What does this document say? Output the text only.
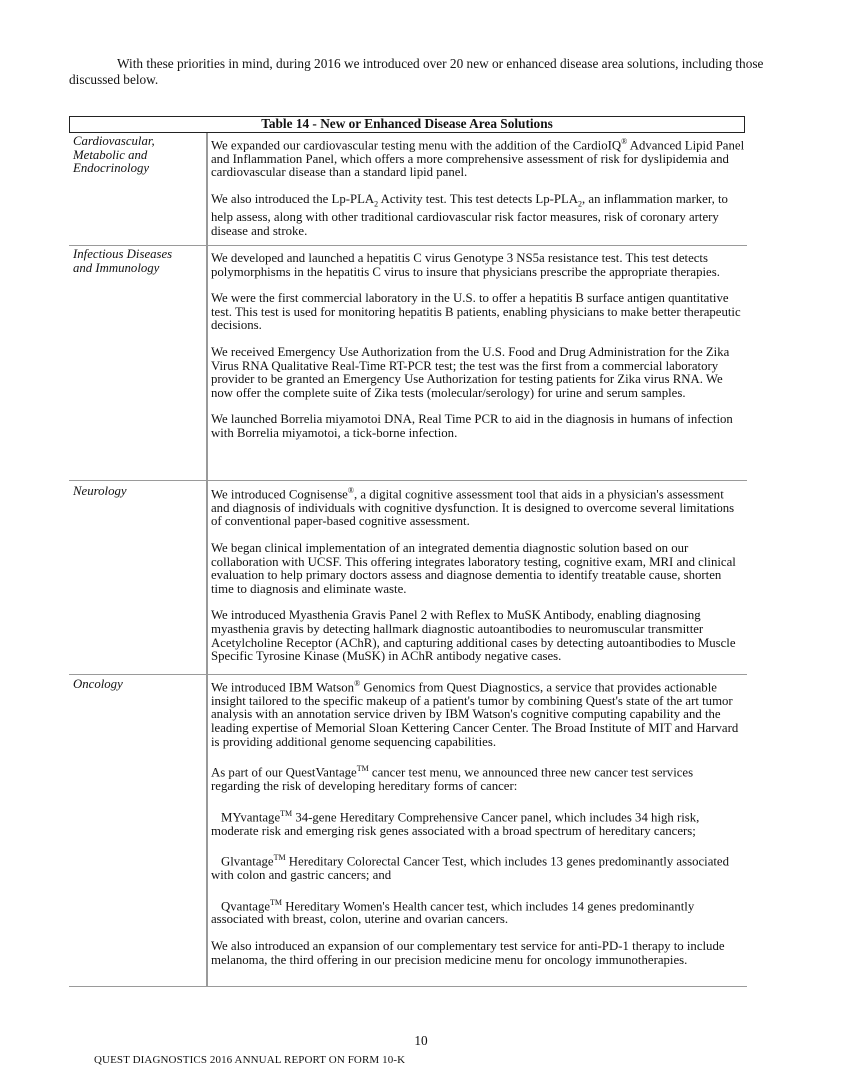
With these priorities in mind, during 2016 we introduced over 20 new or enhanced disease area solutions, including those discussed below.

Table 14 - New or Enhanced Disease Area Solutions
Cardiovascular,
Metabolic and
Endocrinology

We expanded our cardiovascular testing menu with the addition of the CardioIQ® Advanced Lipid Panel and Inflammation Panel, which offers a more comprehensive assessment of risk for dyslipidemia and cardiovascular disease than a standard lipid panel.

We also introduced the $Lp-PLA_2$ Activity test. This test detects $Lp-PLA_2$, an inflammation marker, to help assess, along with other traditional cardiovascular risk factor measures, risk of coronary artery disease and stroke.

Infectious Diseases
and Immunology

We developed and launched a hepatitis C virus Genotype 3 NS5a resistance test. This test detects polymorphisms in the hepatitis C virus to insure that physicians prescribe the appropriate therapies.

We were the first commercial laboratory in the U.S. to offer a hepatitis B surface antigen quantitative test. This test is used for monitoring hepatitis B patients, enabling physicians to make better therapeutic decisions.

We received Emergency Use Authorization from the U.S. Food and Drug Administration for the Zika Virus RNA Qualitative Real-Time RT-PCR test; the test was the first from a commercial laboratory provider to be granted an Emergency Use Authorization for testing patients for Zika virus RNA. We now offer the complete suite of Zika tests (molecular/serology) for urine and serum samples.

We launched Borrelia miyamotoi DNA, Real Time PCR to aid in the diagnosis in humans of infection with Borrelia miyamotoi, a tick-borne infection.

Neurology	We introduced Cognisense®, a digital cognitive assessment tool that aids in a physician's assessment and diagnosis of individuals with cognitive dysfunction. It is designed to overcome several limitations of conventional paper-based cognitive assessment.

We began clinical implementation of an integrated dementia diagnostic solution based on our collaboration with UCSF. This offering integrates laboratory testing, cognitive exam, MRI and clinical evaluation to help primary doctors assess and diagnose dementia to identify treatable cause, shorten time to diagnosis and eliminate waste.

We introduced Myasthenia Gravis Panel 2 with Reflex to MuSK Antibody, enabling diagnosing myasthenia gravis by detecting hallmark diagnostic autoantibodies to neuromuscular transmitter Acetylcholine Receptor (AChR), and capturing additional cases by detecting autoantibodies to Muscle Specific Tyrosine Kinase (MuSK) in AChR antibody negative cases.

Oncology	We introduced IBM Watson® Genomics from Quest Diagnostics, a service that provides actionable insight tailored to the specific makeup of a patient's tumor by combining Quest's state of the art tumor analysis with an annotation service driven by IBM Watson's cognitive computing capability and the leading expertise of Memorial Sloan Kettering Cancer Center. The Broad Institute of MIT and Harvard is providing additional genome sequencing capabilities.

As part of our QuestVantage™ cancer test menu, we announced three new cancer test services regarding the risk of developing hereditary forms of cancer:

MYvantage™ 34-gene Hereditary Comprehensive Cancer panel, which includes 34 high risk, moderate risk and emerging risk genes associated with a broad spectrum of hereditary cancers;

Glvantage™ Hereditary Colorectal Cancer Test, which includes 13 genes predominantly associated with colon and gastric cancers; and

Qvantage™ Hereditary Women's Health cancer test, which includes 14 genes predominantly associated with breast, colon, uterine and ovarian cancers.

We also introduced an expansion of our complementary test service for anti-PD-1 therapy to include melanoma, the third offering in our precision medicine menu for oncology immunotherapies.

10
QUEST DIAGNOSTICS 2016 ANNUAL REPORT ON FORM 10-K
